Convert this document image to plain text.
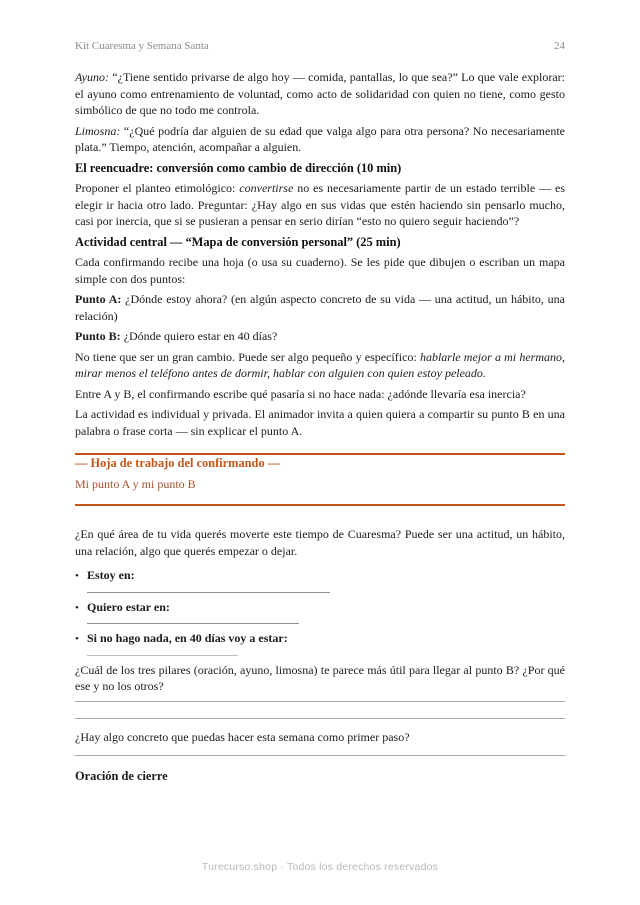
Kit Cuaresma y Semana Santa	24

Ayuno: “¿Tiene sentido privarse de algo hoy — comida, pantallas, lo que sea?” Lo que vale explorar: el ayuno como entrenamiento de voluntad, como acto de solidaridad con quien no tiene, como gesto simbólico de que no todo me controla.

Limosna: “¿Qué podría dar alguien de su edad que valga algo para otra persona? No necesariamente plata.” Tiempo, atención, acompañar a alguien.

El reencuadre: conversión como cambio de dirección (10 min)

Proponer el planteo etimológico: convertirse no es necesariamente partir de un estado terrible — es elegir ir hacia otro lado. Preguntar: ¿Hay algo en sus vidas que estén haciendo sin pensarlo mucho, casi por inercia, que si se pusieran a pensar en serio dirían “esto no quiero seguir haciendo”?

Actividad central — “Mapa de conversión personal” (25 min)

Cada confirmando recibe una hoja (o usa su cuaderno). Se les pide que dibujen o escriban un mapa simple con dos puntos:

Punto A: ¿Dónde estoy ahora? (en algún aspecto concreto de su vida — una actitud, un hábito, una relación)

Punto B: ¿Dónde quiero estar en 40 días?

No tiene que ser un gran cambio. Puede ser algo pequeño y específico: hablarle mejor a mi hermano, mirar menos el teléfono antes de dormir, hablar con alguien con quien estoy peleado.

Entre A y B, el confirmando escribe qué pasaría si no hace nada: ¿adónde llevaría esa inercia?

La actividad es individual y privada. El animador invita a quien quiera a compartir su punto B en una palabra o frase corta — sin explicar el punto A.

— Hoja de trabajo del confirmando —

Mi punto A y mi punto B

¿En qué área de tu vida querés moverte este tiempo de Cuaresma? Puede ser una actitud, un hábito, una relación, algo que querés empezar o dejar.

• Estoy en:
• Quiero estar en:
• Si no hago nada, en 40 días voy a estar:

¿Cuál de los tres pilares (oración, ayuno, limosna) te parece más útil para llegar al punto B? ¿Por qué ese y no los otros?

¿Hay algo concreto que puedas hacer esta semana como primer paso?

Oración de cierre

Turecurso.shop · Todos los derechos reservados
